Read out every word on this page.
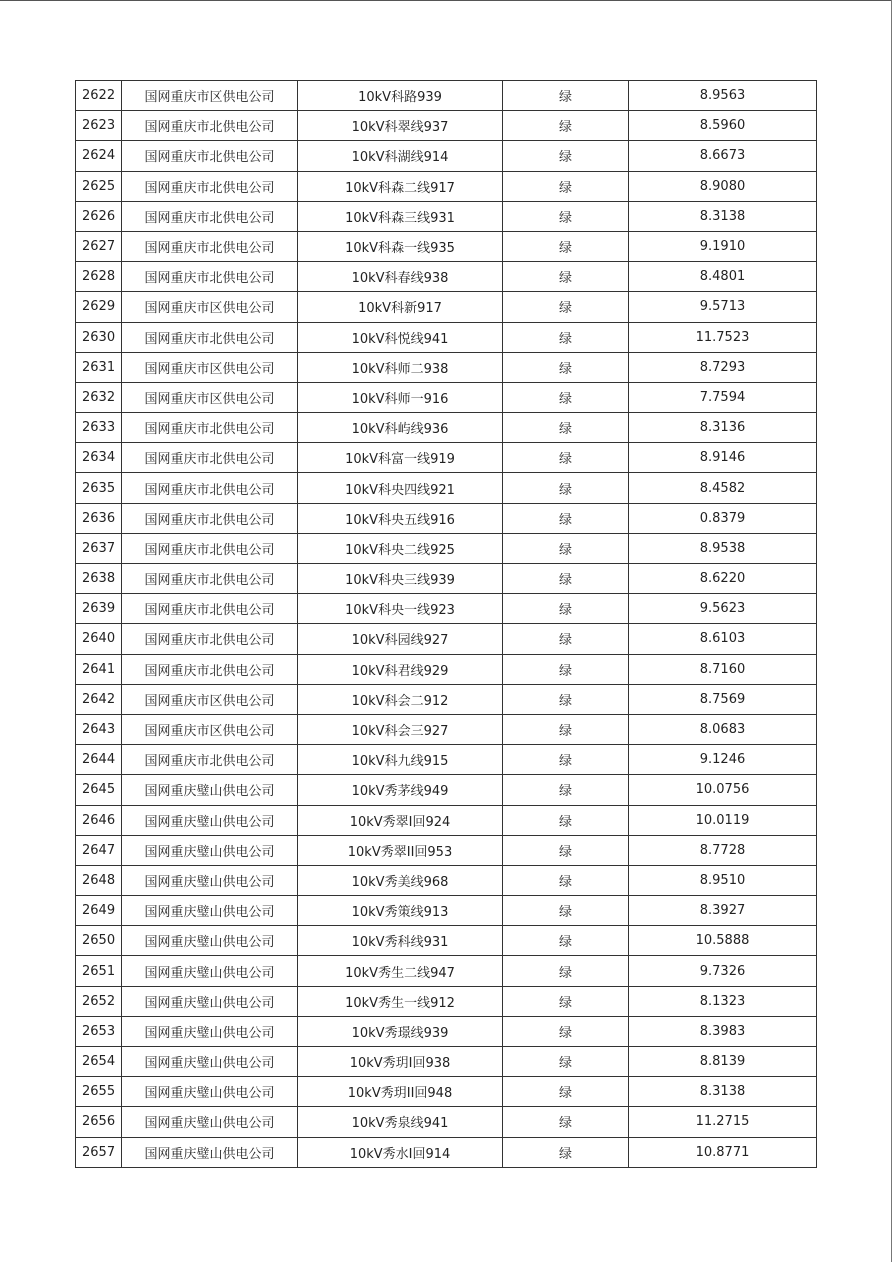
2622	国网重庆市区供电公司	10kV科路939	绿	8.9563
2623	国网重庆市北供电公司	10kV科翠线937	绿	8.5960
2624	国网重庆市北供电公司	10kV科湖线914	绿	8.6673
2625	国网重庆市北供电公司	10kV科森二线917	绿	8.9080
2626	国网重庆市北供电公司	10kV科森三线931	绿	8.3138
2627	国网重庆市北供电公司	10kV科森一线935	绿	9.1910
2628	国网重庆市北供电公司	10kV科春线938	绿	8.4801
2629	国网重庆市区供电公司	10kV科新917	绿	9.5713
2630	国网重庆市北供电公司	10kV科悦线941	绿	11.7523
2631	国网重庆市区供电公司	10kV科师二938	绿	8.7293
2632	国网重庆市区供电公司	10kV科师一916	绿	7.7594
2633	国网重庆市北供电公司	10kV科屿线936	绿	8.3136
2634	国网重庆市北供电公司	10kV科富一线919	绿	8.9146
2635	国网重庆市北供电公司	10kV科央四线921	绿	8.4582
2636	国网重庆市北供电公司	10kV科央五线916	绿	0.8379
2637	国网重庆市北供电公司	10kV科央二线925	绿	8.9538
2638	国网重庆市北供电公司	10kV科央三线939	绿	8.6220
2639	国网重庆市北供电公司	10kV科央一线923	绿	9.5623
2640	国网重庆市北供电公司	10kV科园线927	绿	8.6103
2641	国网重庆市北供电公司	10kV科君线929	绿	8.7160
2642	国网重庆市区供电公司	10kV科会二912	绿	8.7569
2643	国网重庆市区供电公司	10kV科会三927	绿	8.0683
2644	国网重庆市北供电公司	10kV科九线915	绿	9.1246
2645	国网重庆璧山供电公司	10kV秀茅线949	绿	10.0756
2646	国网重庆璧山供电公司	10kV秀翠I回924	绿	10.0119
2647	国网重庆璧山供电公司	10kV秀翠II回953	绿	8.7728
2648	国网重庆璧山供电公司	10kV秀美线968	绿	8.9510
2649	国网重庆璧山供电公司	10kV秀策线913	绿	8.3927
2650	国网重庆璧山供电公司	10kV秀科线931	绿	10.5888
2651	国网重庆璧山供电公司	10kV秀生二线947	绿	9.7326
2652	国网重庆璧山供电公司	10kV秀生一线912	绿	8.1323
2653	国网重庆璧山供电公司	10kV秀璟线939	绿	8.3983
2654	国网重庆璧山供电公司	10kV秀玥I回938	绿	8.8139
2655	国网重庆璧山供电公司	10kV秀玥II回948	绿	8.3138
2656	国网重庆璧山供电公司	10kV秀泉线941	绿	11.2715
2657	国网重庆璧山供电公司	10kV秀水I回914	绿	10.8771
